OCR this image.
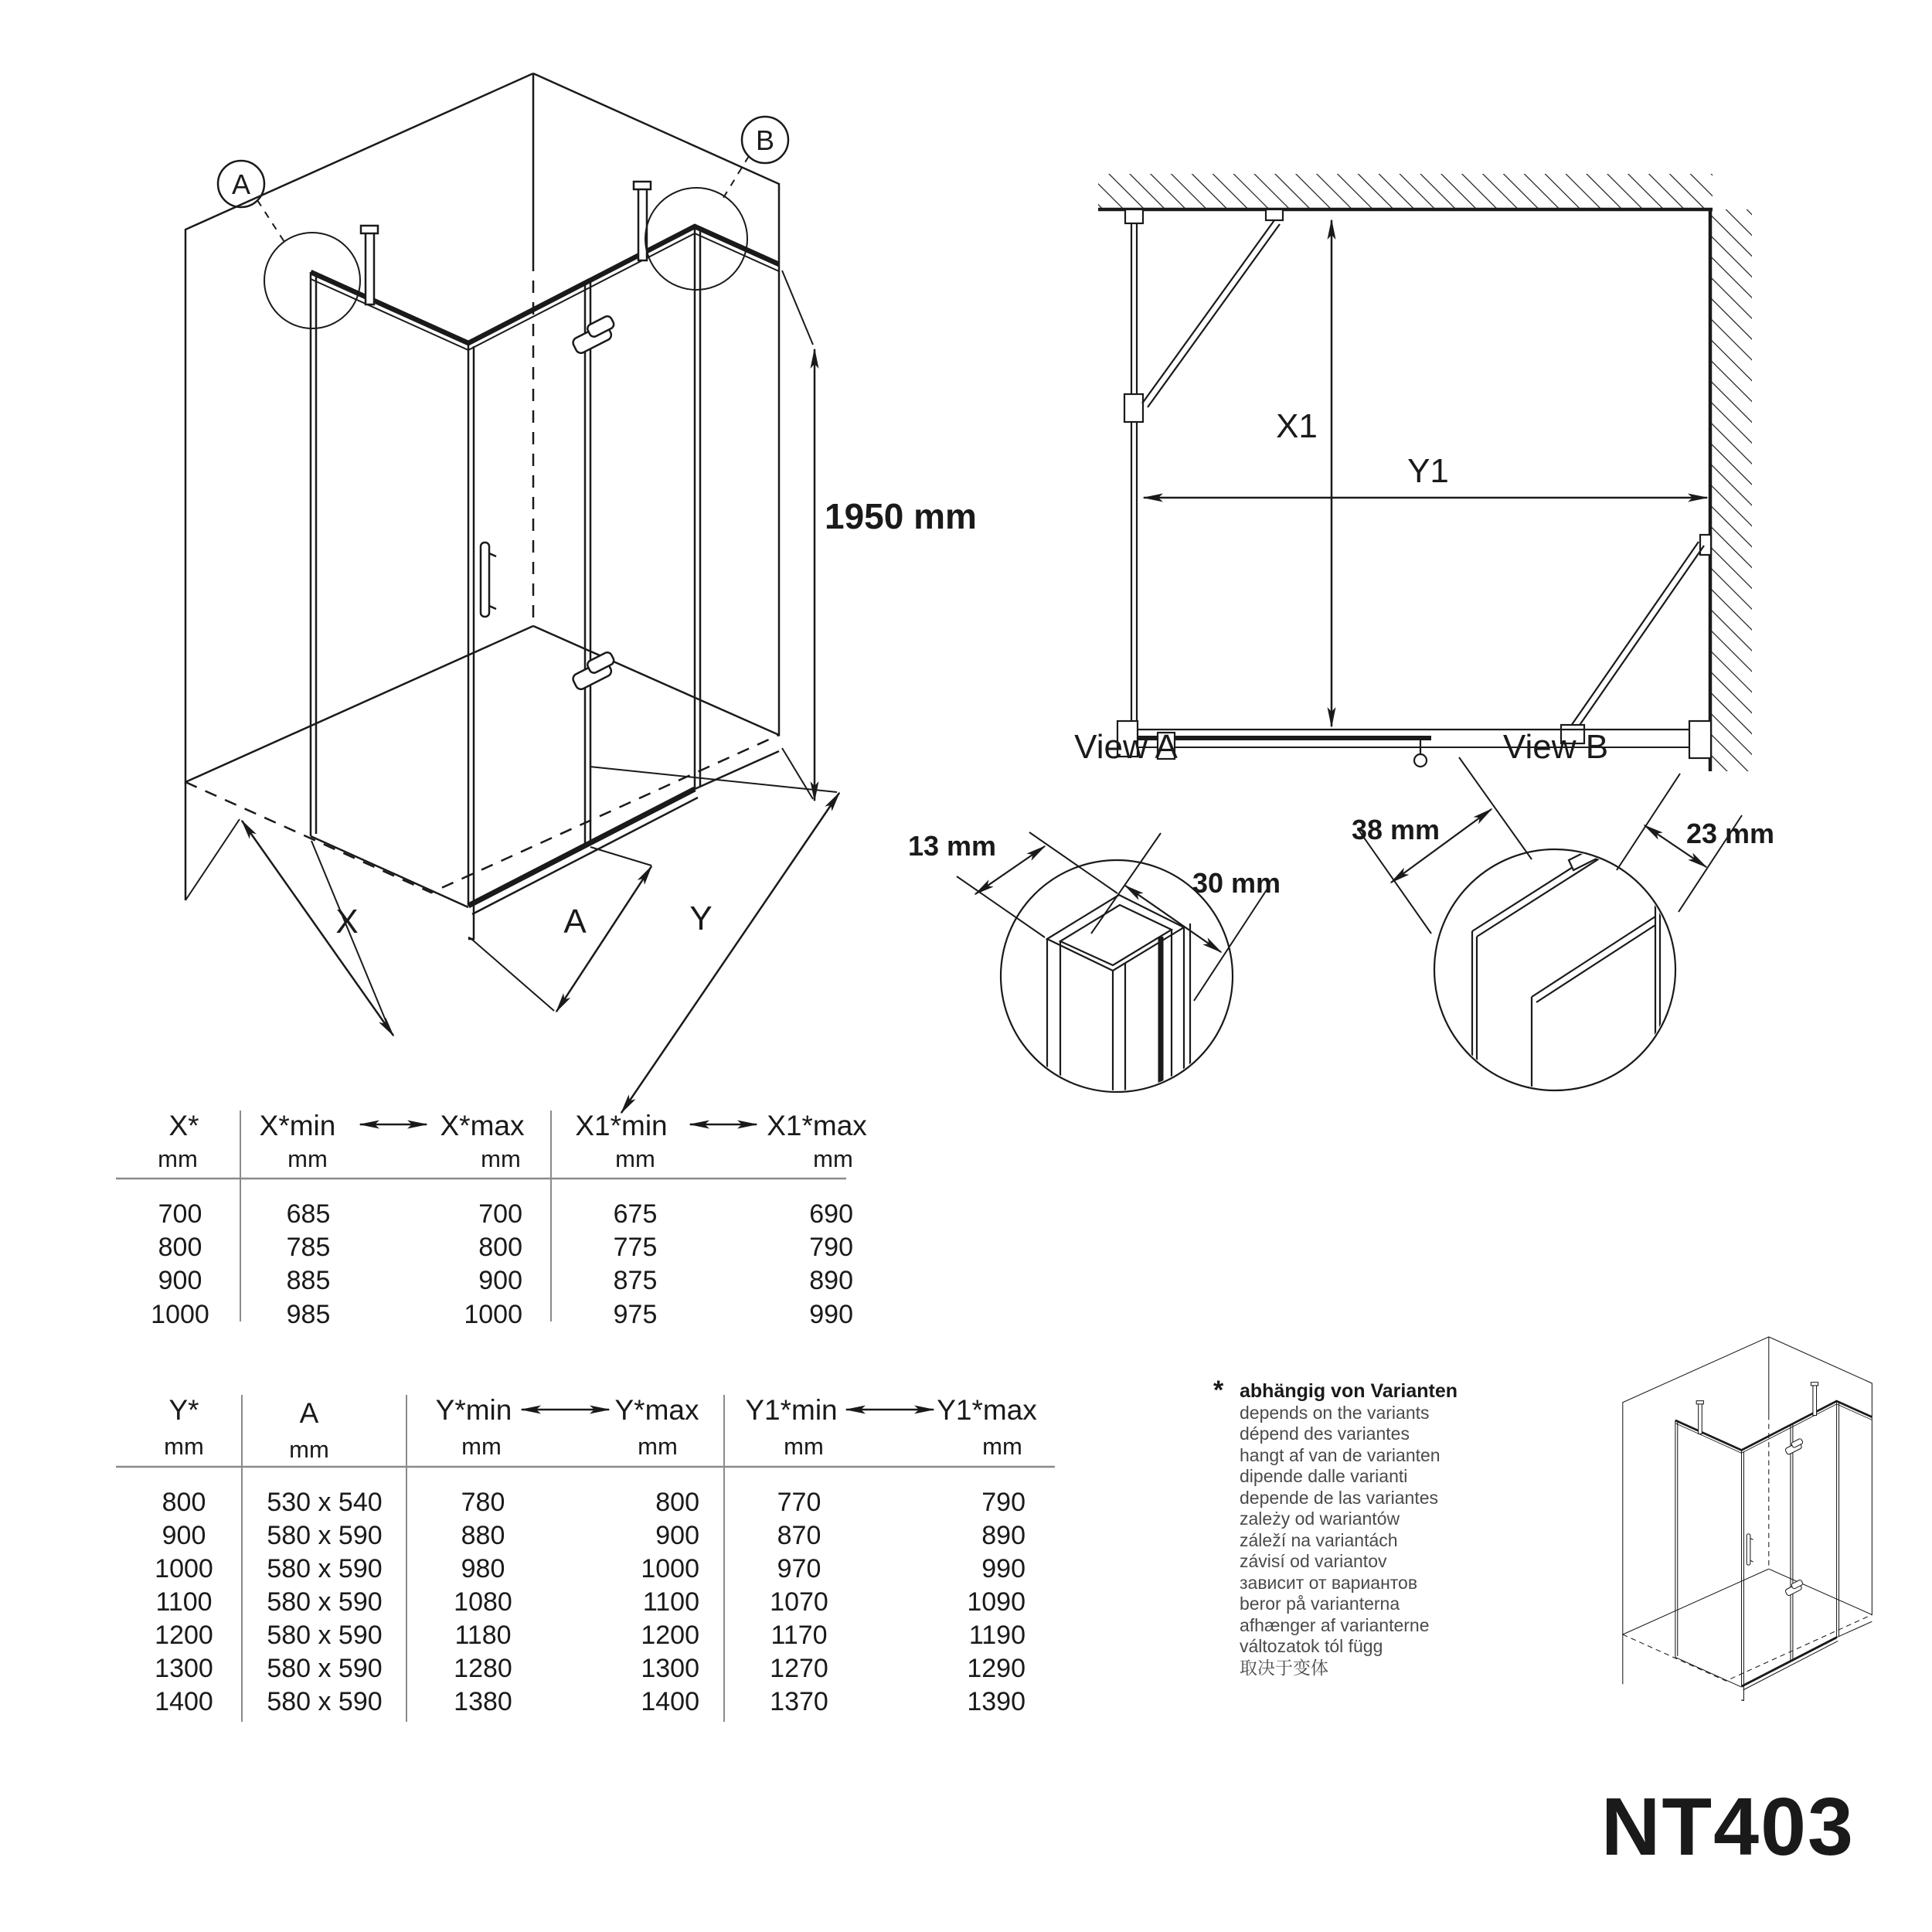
A
B
1950 mm
X	A	Y
X1
Y1
View A
13 mm
30 mm
View B
38 mm	23 mm
X* X*min	X*max X1*min	X1*max
mm	mm	mm	mm	mm
700	685	700	675	690
800	785	800	775	790
900	885	900	875	890
1000	985	1000	975	990
Y*	A	Y*min	Y*max Y1*min	Y1*max
mm	mm	mm	mm	mm	mm
800 530 x 540	780	800	770	790
900 580 x 590	880	900	870	890
1000 580 x 590	980	1000	970	990
1100 580 x 590	1080	1100	1070	1090
1200 580 x 590	1180	1200	1170	1190
1300 580 x 590	1280	1300	1270	1290
1400 580 x 590	1380	1400	1370	1390
* abhängig von Varianten
depends on the variants
dépend des variantes
hangt af van de varianten
dipende dalle varianti
depende de las variantes
zależy od wariantów
záleží na variantách
závisí od variantov
зависит от вариантов
beror på varianterna
afhænger af varianterne
változatok tól függ
取决于变体
NT403
